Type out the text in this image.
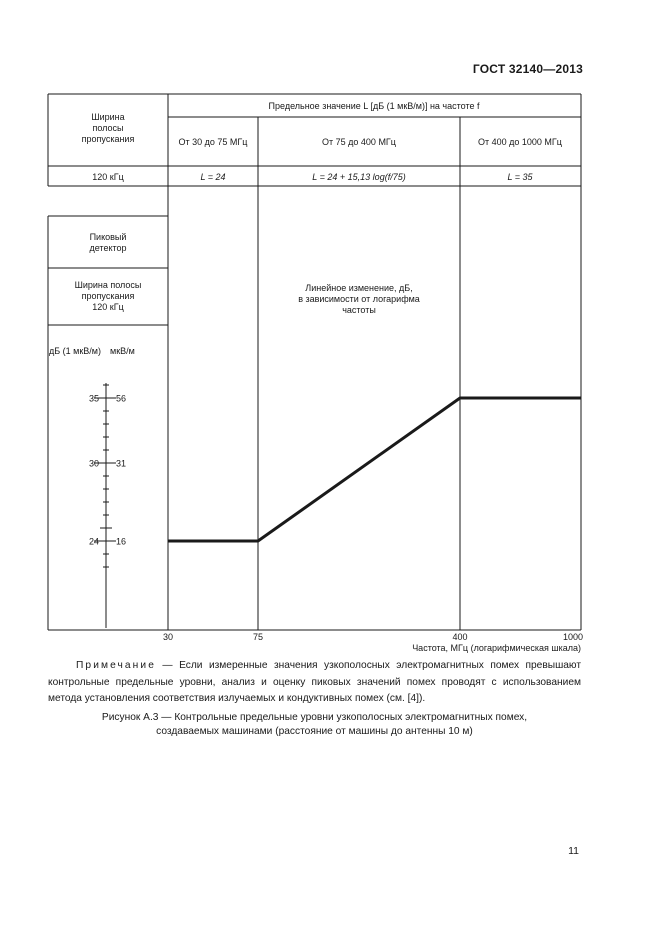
ГОСТ 32140—2013
35 56
30 31
24 16
30	75	400	1000
Ширина
полосы
пропускания
Предельное значение L [дБ (1 мкВ/м)] на частоте f
От 30 до 75 МГц	От 75 до 400 МГц	От 400 до 1000 МГц
120 кГц	L = 24	L = 24 + 15,13 log(f/75)	L = 35
Пиковый
детектор
Ширина полосы
пропускания
120 кГц
дБ (1 мкВ/м) мкВ/м
Линейное изменение, дБ,
в зависимости от логарифма
частоты
Частота, МГц (логарифмическая шкала)
Примечание — Если измеренные значения узкополосных электромагнитных помех превышают контрольные предельные уровни, анализ и оценку пиковых значений помех проводят с использованием метода установления соответствия излучаемых и кондуктивных помех (см. [4]).
Рисунок А.3 — Контрольные предельные уровни узкополосных электромагнитных помех,
создаваемых машинами (расстояние от машины до антенны 10 м)
11
